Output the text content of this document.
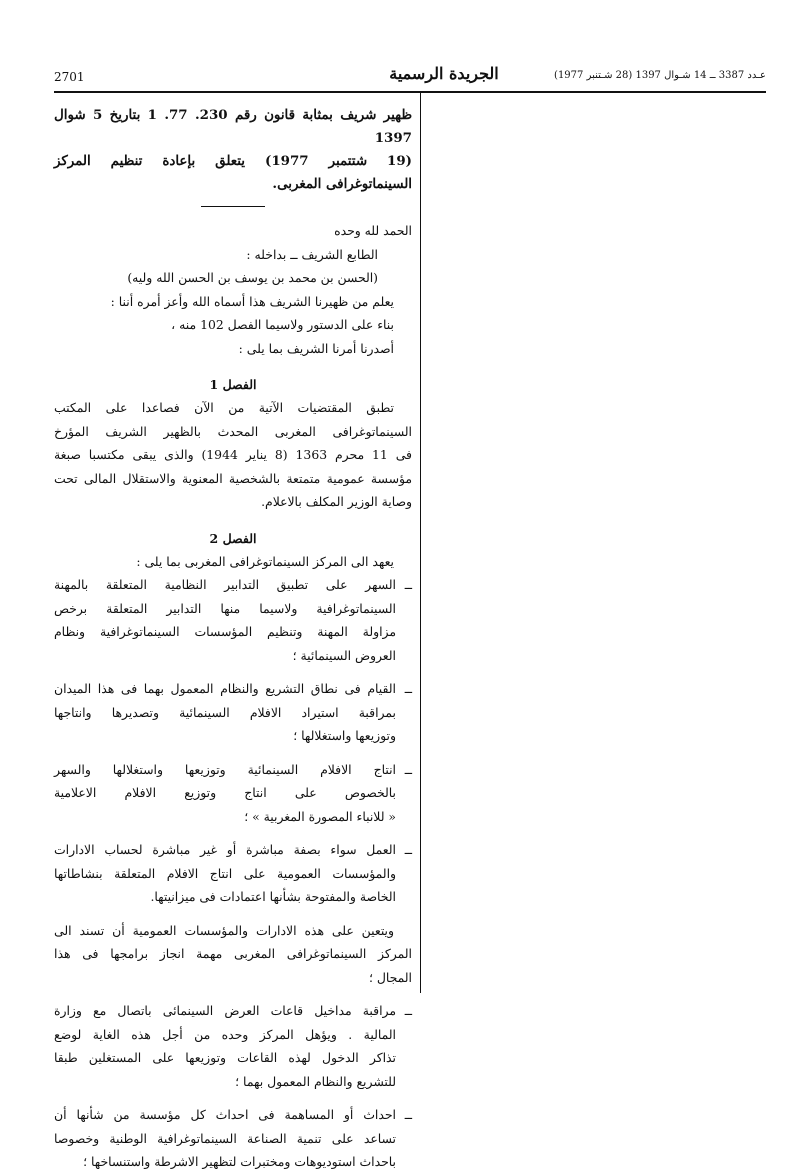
2701	الجريدة الرسمية	عـدد 3387 ــ 14 شـوال 1397 (28 شـتنبر 1977)

ظهير شريف بمثابة قانون رقم 230. 77. 1 بتاريخ 5 شوال 1397

(19 شتتمبر 1977) يتعلق بإعادة تنظيم المركز

السينماتوغرافى المغربى.

الحمد لله وحده

الطابع الشريف ــ بداخله :

(الحسن بن محمد بن يوسف بن الحسن الله وليه)

يعلم من ظهيرنا الشريف هذا أسماه الله وأعز أمره أننا :

بناء على الدستور ولاسيما الفصل 102 منه ،

أصدرنا أمرنا الشريف بما يلى :

الفصل 1

تطبق المقتضيات الآتية من الآن فصاعدا على المكتب

السينماتوغرافى المغربى المحدث بالظهير الشريف المؤرخ

فى 11 محرم 1363 (8 يناير 1944) والذى يبقى مكتسبا صبغة

مؤسسة عمومية متمتعة بالشخصية المعنوية والاستقلال المالى تحت

وصاية الوزير المكلف بالاعلام.

الفصل 2

يعهد الى المركز السينماتوغرافى المغربى بما يلى :

ــ

السهر على تطبيق التدابير النظامية المتعلقة بالمهنة

السينماتوغرافية ولاسيما منها التدابير المتعلقة برخص

مزاولة المهنة وتنظيم المؤسسات السينماتوغرافية ونظام

العروض السينمائية ؛

ــ

القيام فى نطاق التشريع والنظام المعمول بهما فى هذا الميدان

بمراقبة استيراد الافلام السينمائية وتصديرها وانتاجها

وتوزيعها واستغلالها ؛

ــ

انتاج الافلام السينمائية وتوزيعها واستغلالها والسهر

بالخصوص على انتاج وتوزيع الافلام الاعلامية

« للانباء المصورة المغربية » ؛

ــ

العمل سواء بصفة مباشرة أو غير مباشرة لحساب الادارات

والمؤسسات العمومية على انتاج الافلام المتعلقة بنشاطاتها

الخاصة والمفتوحة بشأنها اعتمادات فى ميزانيتها.

ويتعين على هذه الادارات والمؤسسات العمومية أن تسند الى

المركز السينماتوغرافى المغربى مهمة انجاز برامجها فى هذا

المجال ؛

ــ

مراقبة مداخيل قاعات العرض السينمائى باتصال مع وزارة

المالية . ويؤهل المركز وحده من أجل هذه الغاية لوضع

تذاكر الدخول لهذه القاعات وتوزيعها على المستغلين طبقا

للتشريع والنظام المعمول بهما ؛

ــ

احداث أو المساهمة فى احداث كل مؤسسة من شأنها أن

تساعد على تنمية الصناعة السينماتوغرافية الوطنية وخصوصا

باحداث استوديوهات ومختبرات لتظهير الاشرطة واستنساخها ؛
